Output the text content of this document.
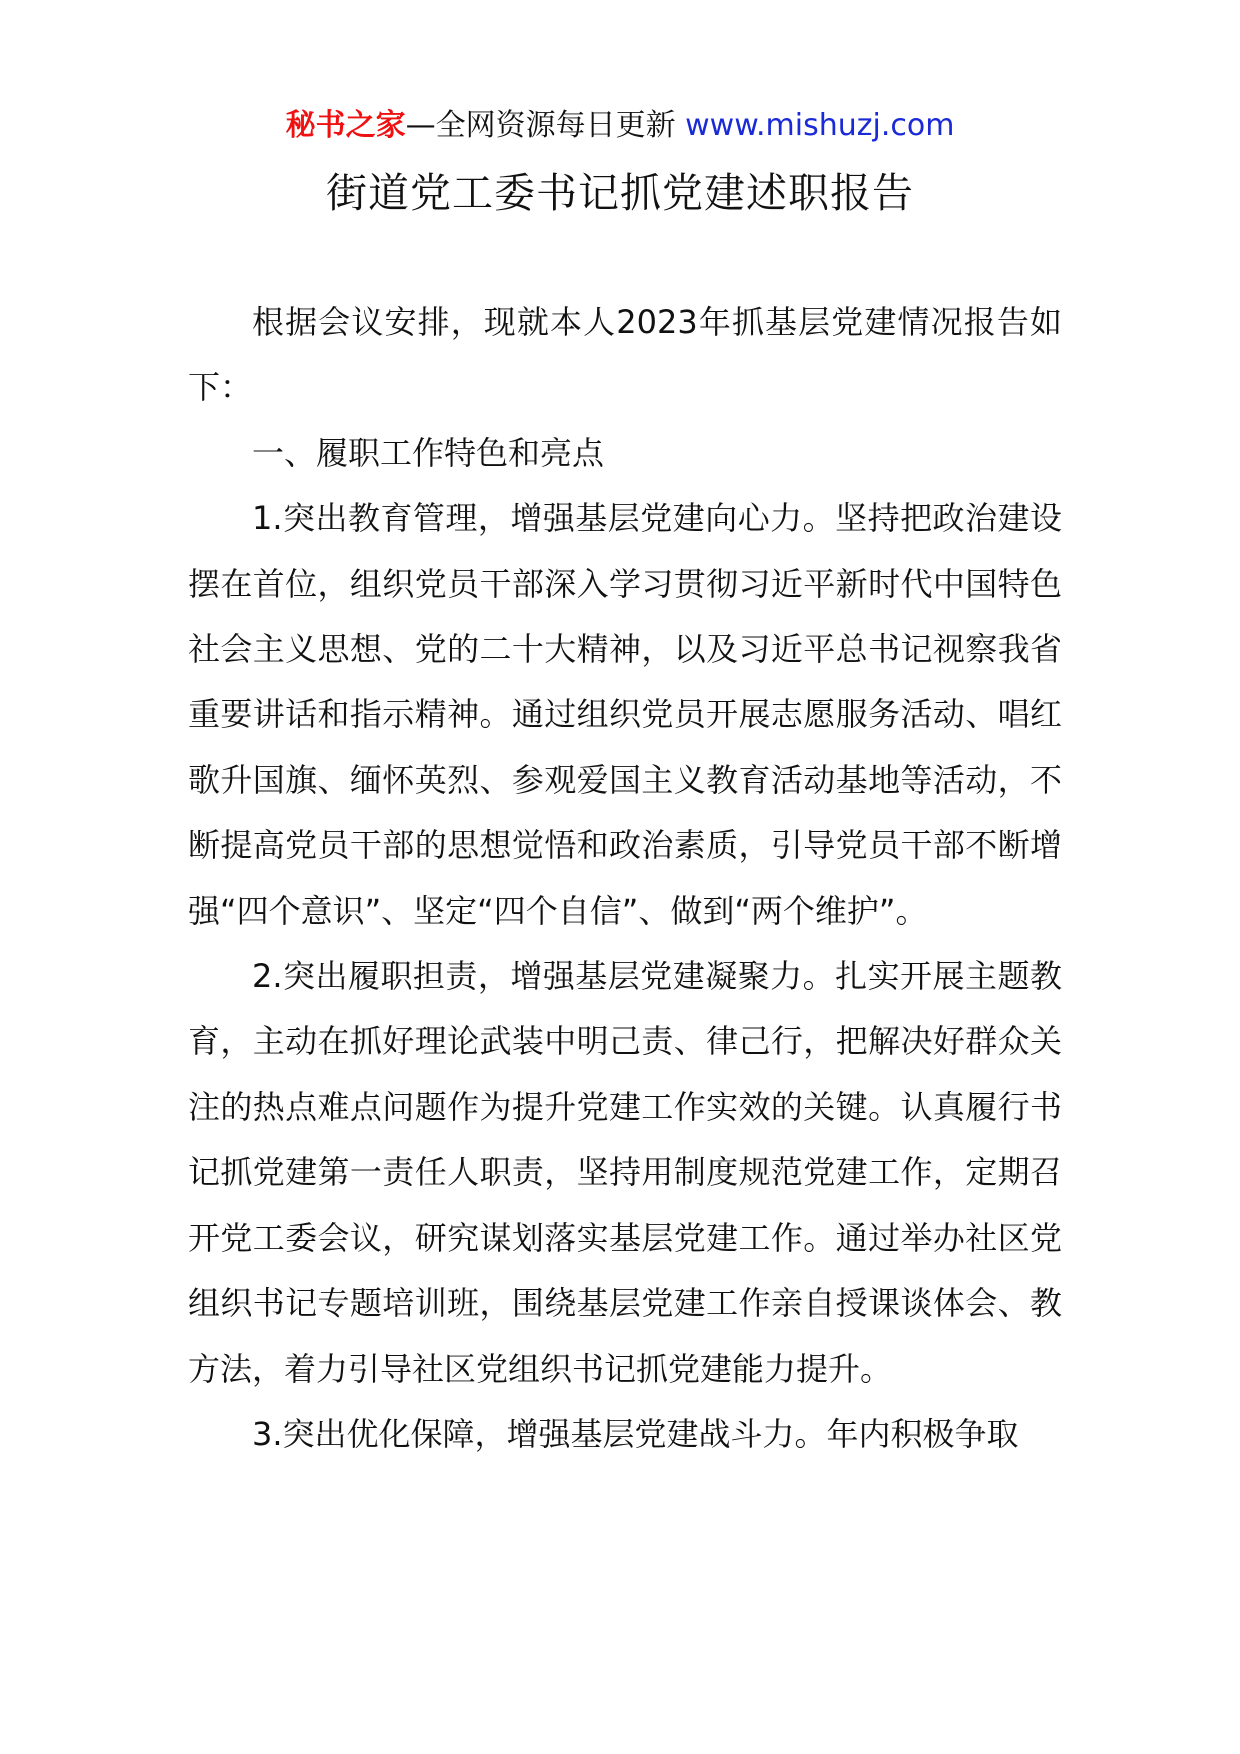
秘书之家—全网资源每日更新 www.mishuzj.com
街道党工委书记抓党建述职报告

根据会议安排，现就本人2023年抓基层党建情况报告如下：

一、履职工作特色和亮点

1.突出教育管理，增强基层党建向心力。坚持把政治建设摆在首位，组织党员干部深入学习贯彻习近平新时代中国特色社会主义思想、党的二十大精神，以及习近平总书记视察我省重要讲话和指示精神。通过组织党员开展志愿服务活动、唱红歌升国旗、缅怀英烈、参观爱国主义教育活动基地等活动，不断提高党员干部的思想觉悟和政治素质，引导党员干部不断增强“四个意识”、坚定“四个自信”、做到“两个维护”。

2.突出履职担责，增强基层党建凝聚力。扎实开展主题教育，主动在抓好理论武装中明己责、律己行，把解决好群众关注的热点难点问题作为提升党建工作实效的关键。认真履行书记抓党建第一责任人职责，坚持用制度规范党建工作，定期召开党工委会议，研究谋划落实基层党建工作。通过举办社区党组织书记专题培训班，围绕基层党建工作亲自授课谈体会、教方法，着力引导社区党组织书记抓党建能力提升。

3.突出优化保障，增强基层党建战斗力。年内积极争取
